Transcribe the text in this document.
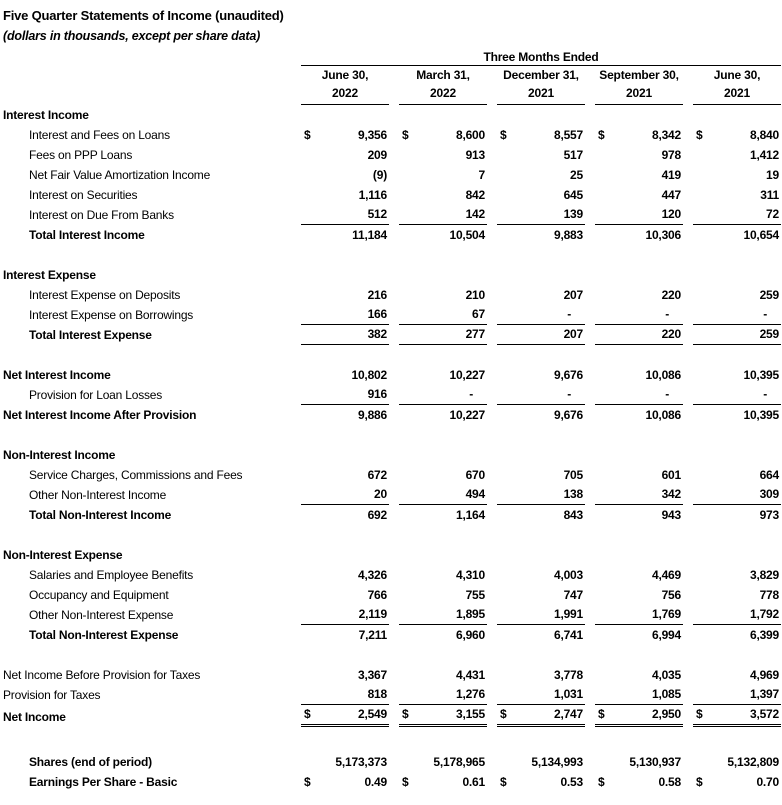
Five Quarter Statements of Income (unaudited)
(dollars in thousands, except per share data)
Three Months Ended
June 30,
2022
March 31,
2022
December 31,
2021
September 30,
2021
June 30,
2021
Interest Income
Interest and Fees on Loans	$	9,356 $	8,600 $	8,557 $	8,342 $	8,840
Fees on PPP Loans	209	913	517	978	1,412
Net Fair Value Amortization Income	(9)	7	25	419	19
Interest on Securities	1,116	842	645	447	311
Interest on Due From Banks	512	142	139	120	72
Total Interest Income	11,184	10,504	9,883	10,306	10,654
Interest Expense
Interest Expense on Deposits	216	210	207	220	259
Interest Expense on Borrowings	166	67	-	-	-
Total Interest Expense	382	277	207	220	259
Net Interest Income	10,802	10,227	9,676	10,086	10,395
Provision for Loan Losses	916	-	-	-	-
Net Interest Income After Provision	9,886	10,227	9,676	10,086	10,395
Non-Interest Income
Service Charges, Commissions and Fees	672	670	705	601	664
Other Non-Interest Income	20	494	138	342	309
Total Non-Interest Income	692	1,164	843	943	973
Non-Interest Expense
Salaries and Employee Benefits	4,326	4,310	4,003	4,469	3,829
Occupancy and Equipment	766	755	747	756	778
Other Non-Interest Expense	2,119	1,895	1,991	1,769	1,792
Total Non-Interest Expense	7,211	6,960	6,741	6,994	6,399
Net Income Before Provision for Taxes	3,367	4,431	3,778	4,035	4,969
Provision for Taxes	818	1,276	1,031	1,085	1,397
Net Income	$	2,549 $	3,155 $	2,747 $	2,950 $	3,572
Shares (end of period)	5,173,373	5,178,965	5,134,993	5,130,937	5,132,809
Earnings Per Share - Basic	$	0.49 $	0.61 $	0.53 $	0.58 $	0.70
